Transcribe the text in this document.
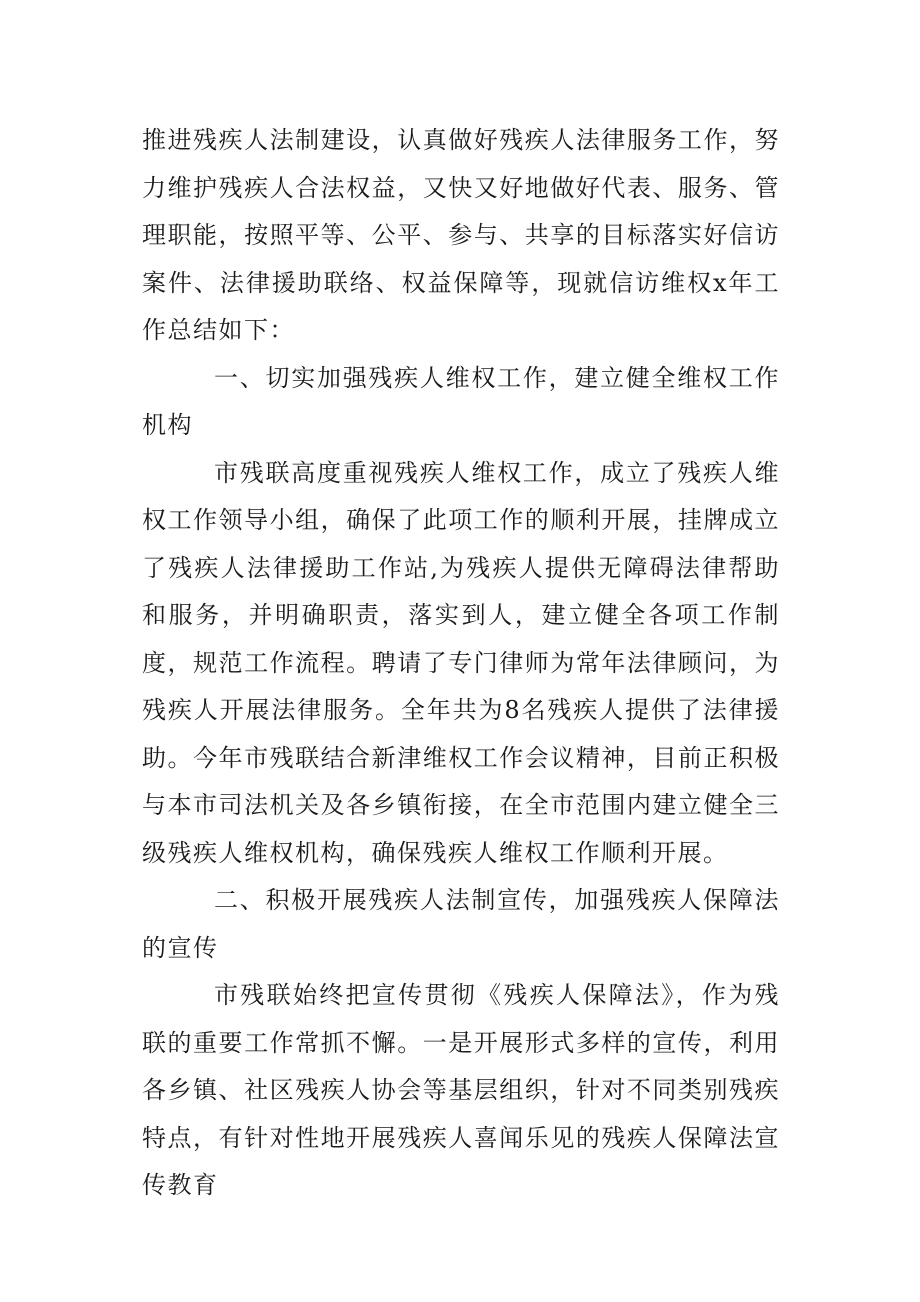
推进残疾人法制建设，认真做好残疾人法律服务工作，努力维护残疾人合法权益，又快又好地做好代表、服务、管理职能，按照平等、公平、参与、共享的目标落实好信访案件、法律援助联络、权益保障等，现就信访维权x年工作总结如下：

一、切实加强残疾人维权工作，建立健全维权工作机构

市残联高度重视残疾人维权工作，成立了残疾人维权工作领导小组，确保了此项工作的顺利开展，挂牌成立了残疾人法律援助工作站,为残疾人提供无障碍法律帮助和服务，并明确职责，落实到人，建立健全各项工作制度，规范工作流程。聘请了专门律师为常年法律顾问，为残疾人开展法律服务。全年共为8名残疾人提供了法律援助。今年市残联结合新津维权工作会议精神，目前正积极与本市司法机关及各乡镇衔接，在全市范围内建立健全三级残疾人维权机构，确保残疾人维权工作顺利开展。

二、积极开展残疾人法制宣传，加强残疾人保障法的宣传

市残联始终把宣传贯彻《残疾人保障法》，作为残联的重要工作常抓不懈。一是开展形式多样的宣传，利用各乡镇、社区残疾人协会等基层组织，针对不同类别残疾特点，有针对性地开展残疾人喜闻乐见的残疾人保障法宣传教育
